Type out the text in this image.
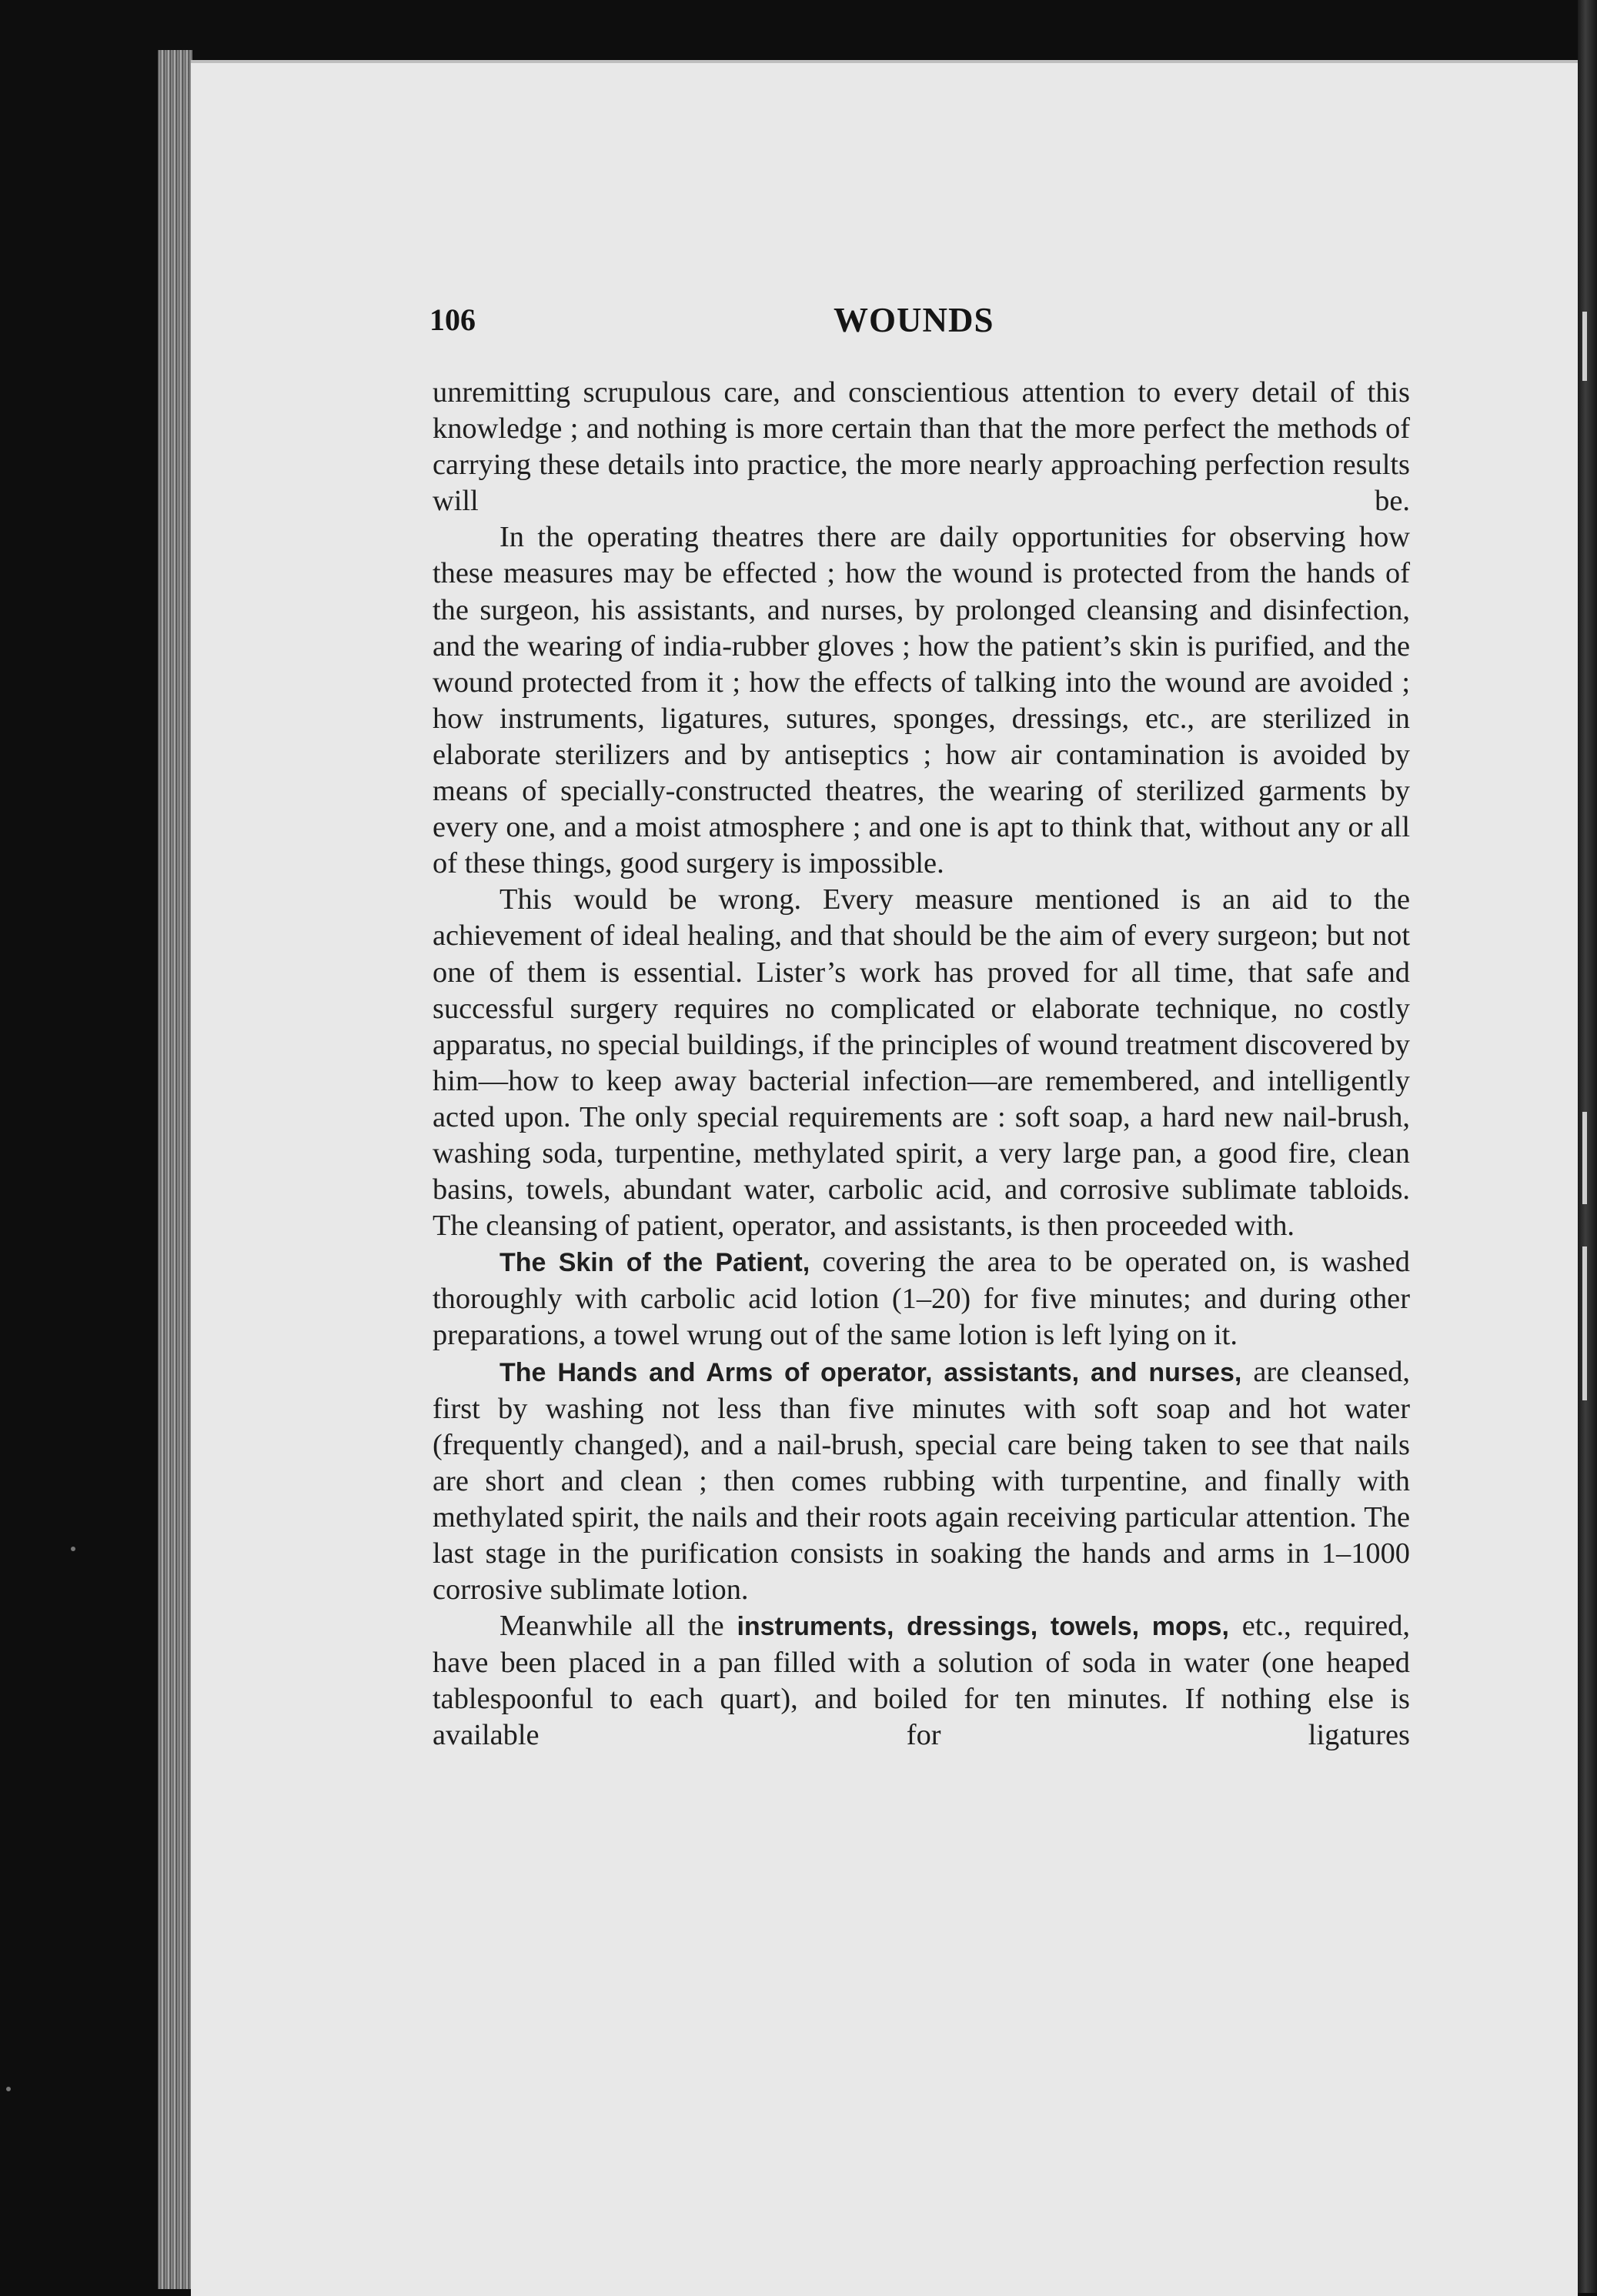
106	WOUNDS

unremitting scrupulous care, and conscientious attention to every detail of this knowledge ; and nothing is more certain than that the more perfect the methods of carrying these details into practice, the more nearly approaching perfection results will be.

In the operating theatres there are daily opportunities for observing how these measures may be effected ; how the wound is protected from the hands of the surgeon, his assistants, and nurses, by prolonged cleansing and disinfection, and the wearing of india-rubber gloves ; how the patient’s skin is purified, and the wound protected from it ; how the effects of talking into the wound are avoided ; how instruments, ligatures, sutures, sponges, dressings, etc., are sterilized in elaborate sterilizers and by antiseptics ; how air contamination is avoided by means of specially-constructed theatres, the wearing of sterilized garments by every one, and a moist atmosphere ; and one is apt to think that, without any or all of these things, good surgery is impossible.

This would be wrong. Every measure mentioned is an aid to the achievement of ideal healing, and that should be the aim of every surgeon; but not one of them is essential. Lister’s work has proved for all time, that safe and successful surgery requires no complicated or elaborate technique, no costly apparatus, no special buildings, if the principles of wound treatment discovered by him—how to keep away bacterial infection—are remembered, and intelligently acted upon. The only special requirements are : soft soap, a hard new nail-brush, washing soda, turpentine, methylated spirit, a very large pan, a good fire, clean basins, towels, abundant water, carbolic acid, and corrosive sublimate tabloids. The cleansing of patient, operator, and assistants, is then proceeded with.

The Skin of the Patient, covering the area to be operated on, is washed thoroughly with carbolic acid lotion (1–20) for five minutes; and during other preparations, a towel wrung out of the same lotion is left lying on it.

The Hands and Arms of operator, assistants, and nurses, are cleansed, first by washing not less than five minutes with soft soap and hot water (frequently changed), and a nail-brush, special care being taken to see that nails are short and clean ; then comes rubbing with turpentine, and finally with methylated spirit, the nails and their roots again receiving particular attention. The last stage in the purification consists in soaking the hands and arms in 1–1000 corrosive sublimate lotion.

Meanwhile all the instruments, dressings, towels, mops, etc., required, have been placed in a pan filled with a solution of soda in water (one heaped tablespoonful to each quart), and boiled for ten minutes. If nothing else is available for ligatures
